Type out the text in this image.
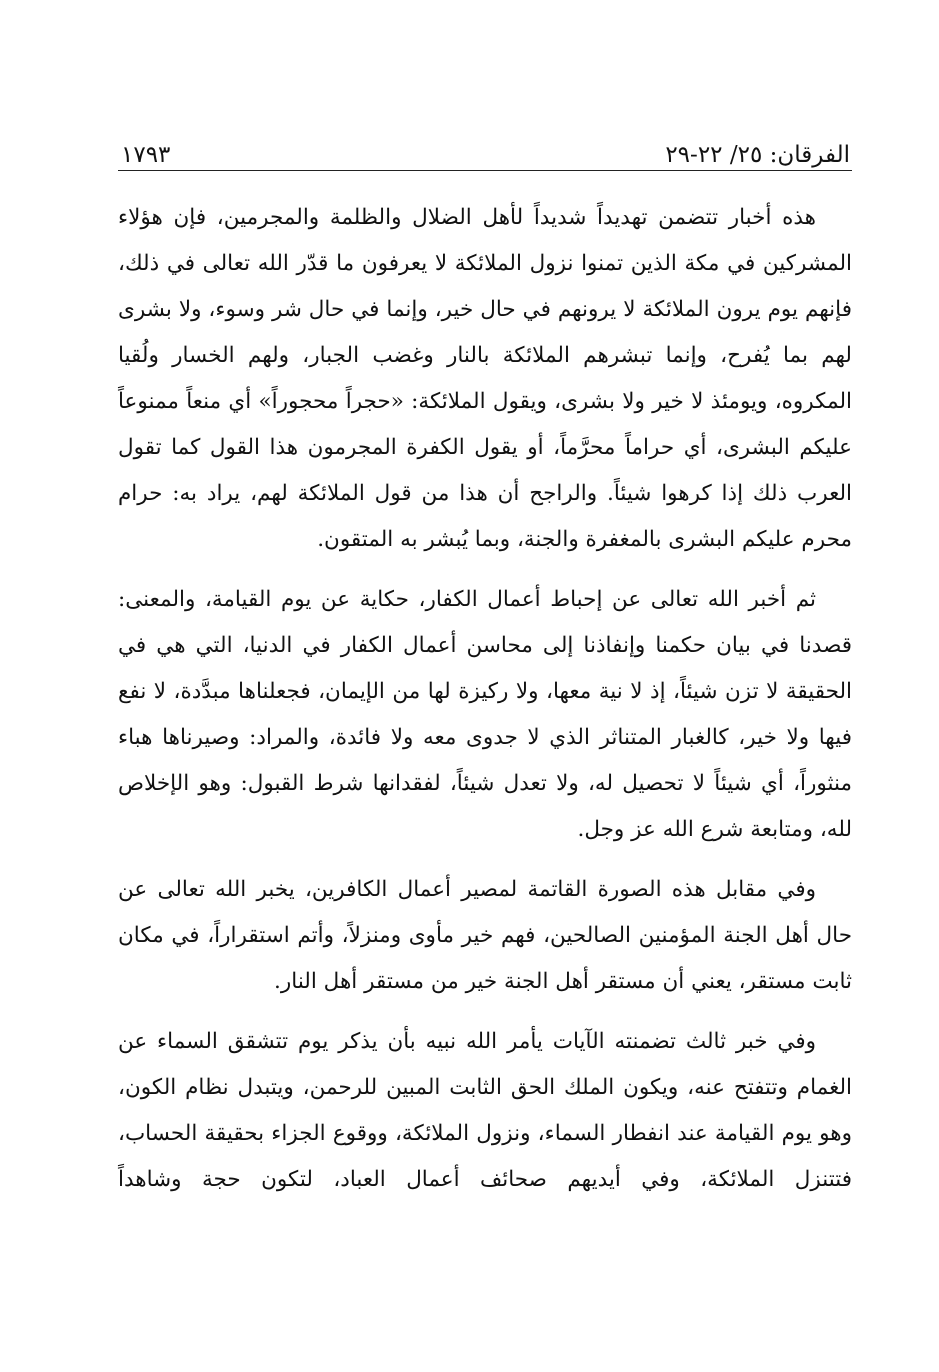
الفرقان: ٢٥/ ٢٢-٢٩
١٧٩٣

هذه أخبار تتضمن تهديداً شديداً لأهل الضلال والظلمة والمجرمين، فإن هؤلاء المشركين في مكة الذين تمنوا نزول الملائكة لا يعرفون ما قدّر الله تعالى في ذلك، فإنهم يوم يرون الملائكة لا يرونهم في حال خير، وإنما في حال شر وسوء، ولا بشرى لهم بما يُفرح، وإنما تبشرهم الملائكة بالنار وغضب الجبار، ولهم الخسار ولُقيا المكروه، ويومئذ لا خير ولا بشرى، ويقول الملائكة: «حجراً محجوراً» أي منعاً ممنوعاً عليكم البشرى، أي حراماً محرَّماً، أو يقول الكفرة المجرمون هذا القول كما تقول العرب ذلك إذا كرهوا شيئاً. والراجح أن هذا من قول الملائكة لهم، يراد به: حرام محرم عليكم البشرى بالمغفرة والجنة، وبما يُبشر به المتقون.

ثم أخبر الله تعالى عن إحباط أعمال الكفار، حكاية عن يوم القيامة، والمعنى: قصدنا في بيان حكمنا وإنفاذنا إلى محاسن أعمال الكفار في الدنيا، التي هي في الحقيقة لا تزن شيئاً، إذ لا نية معها، ولا ركيزة لها من الإيمان، فجعلناها مبدَّدة، لا نفع فيها ولا خير، كالغبار المتناثر الذي لا جدوى معه ولا فائدة، والمراد: وصيرناها هباء منثوراً، أي شيئاً لا تحصيل له، ولا تعدل شيئاً، لفقدانها شرط القبول: وهو الإخلاص لله، ومتابعة شرع الله عز وجل.

وفي مقابل هذه الصورة القاتمة لمصير أعمال الكافرين، يخبر الله تعالى عن حال أهل الجنة المؤمنين الصالحين، فهم خير مأوى ومنزلاً، وأتم استقراراً، في مكان ثابت مستقر، يعني أن مستقر أهل الجنة خير من مستقر أهل النار.

وفي خبر ثالث تضمنته الآيات يأمر الله نبيه بأن يذكر يوم تتشقق السماء عن الغمام وتتفتح عنه، ويكون الملك الحق الثابت المبين للرحمن، ويتبدل نظام الكون، وهو يوم القيامة عند انفطار السماء، ونزول الملائكة، ووقوع الجزاء بحقيقة الحساب، فتتنزل الملائكة، وفي أيديهم صحائف أعمال العباد، لتكون حجة وشاهداً
